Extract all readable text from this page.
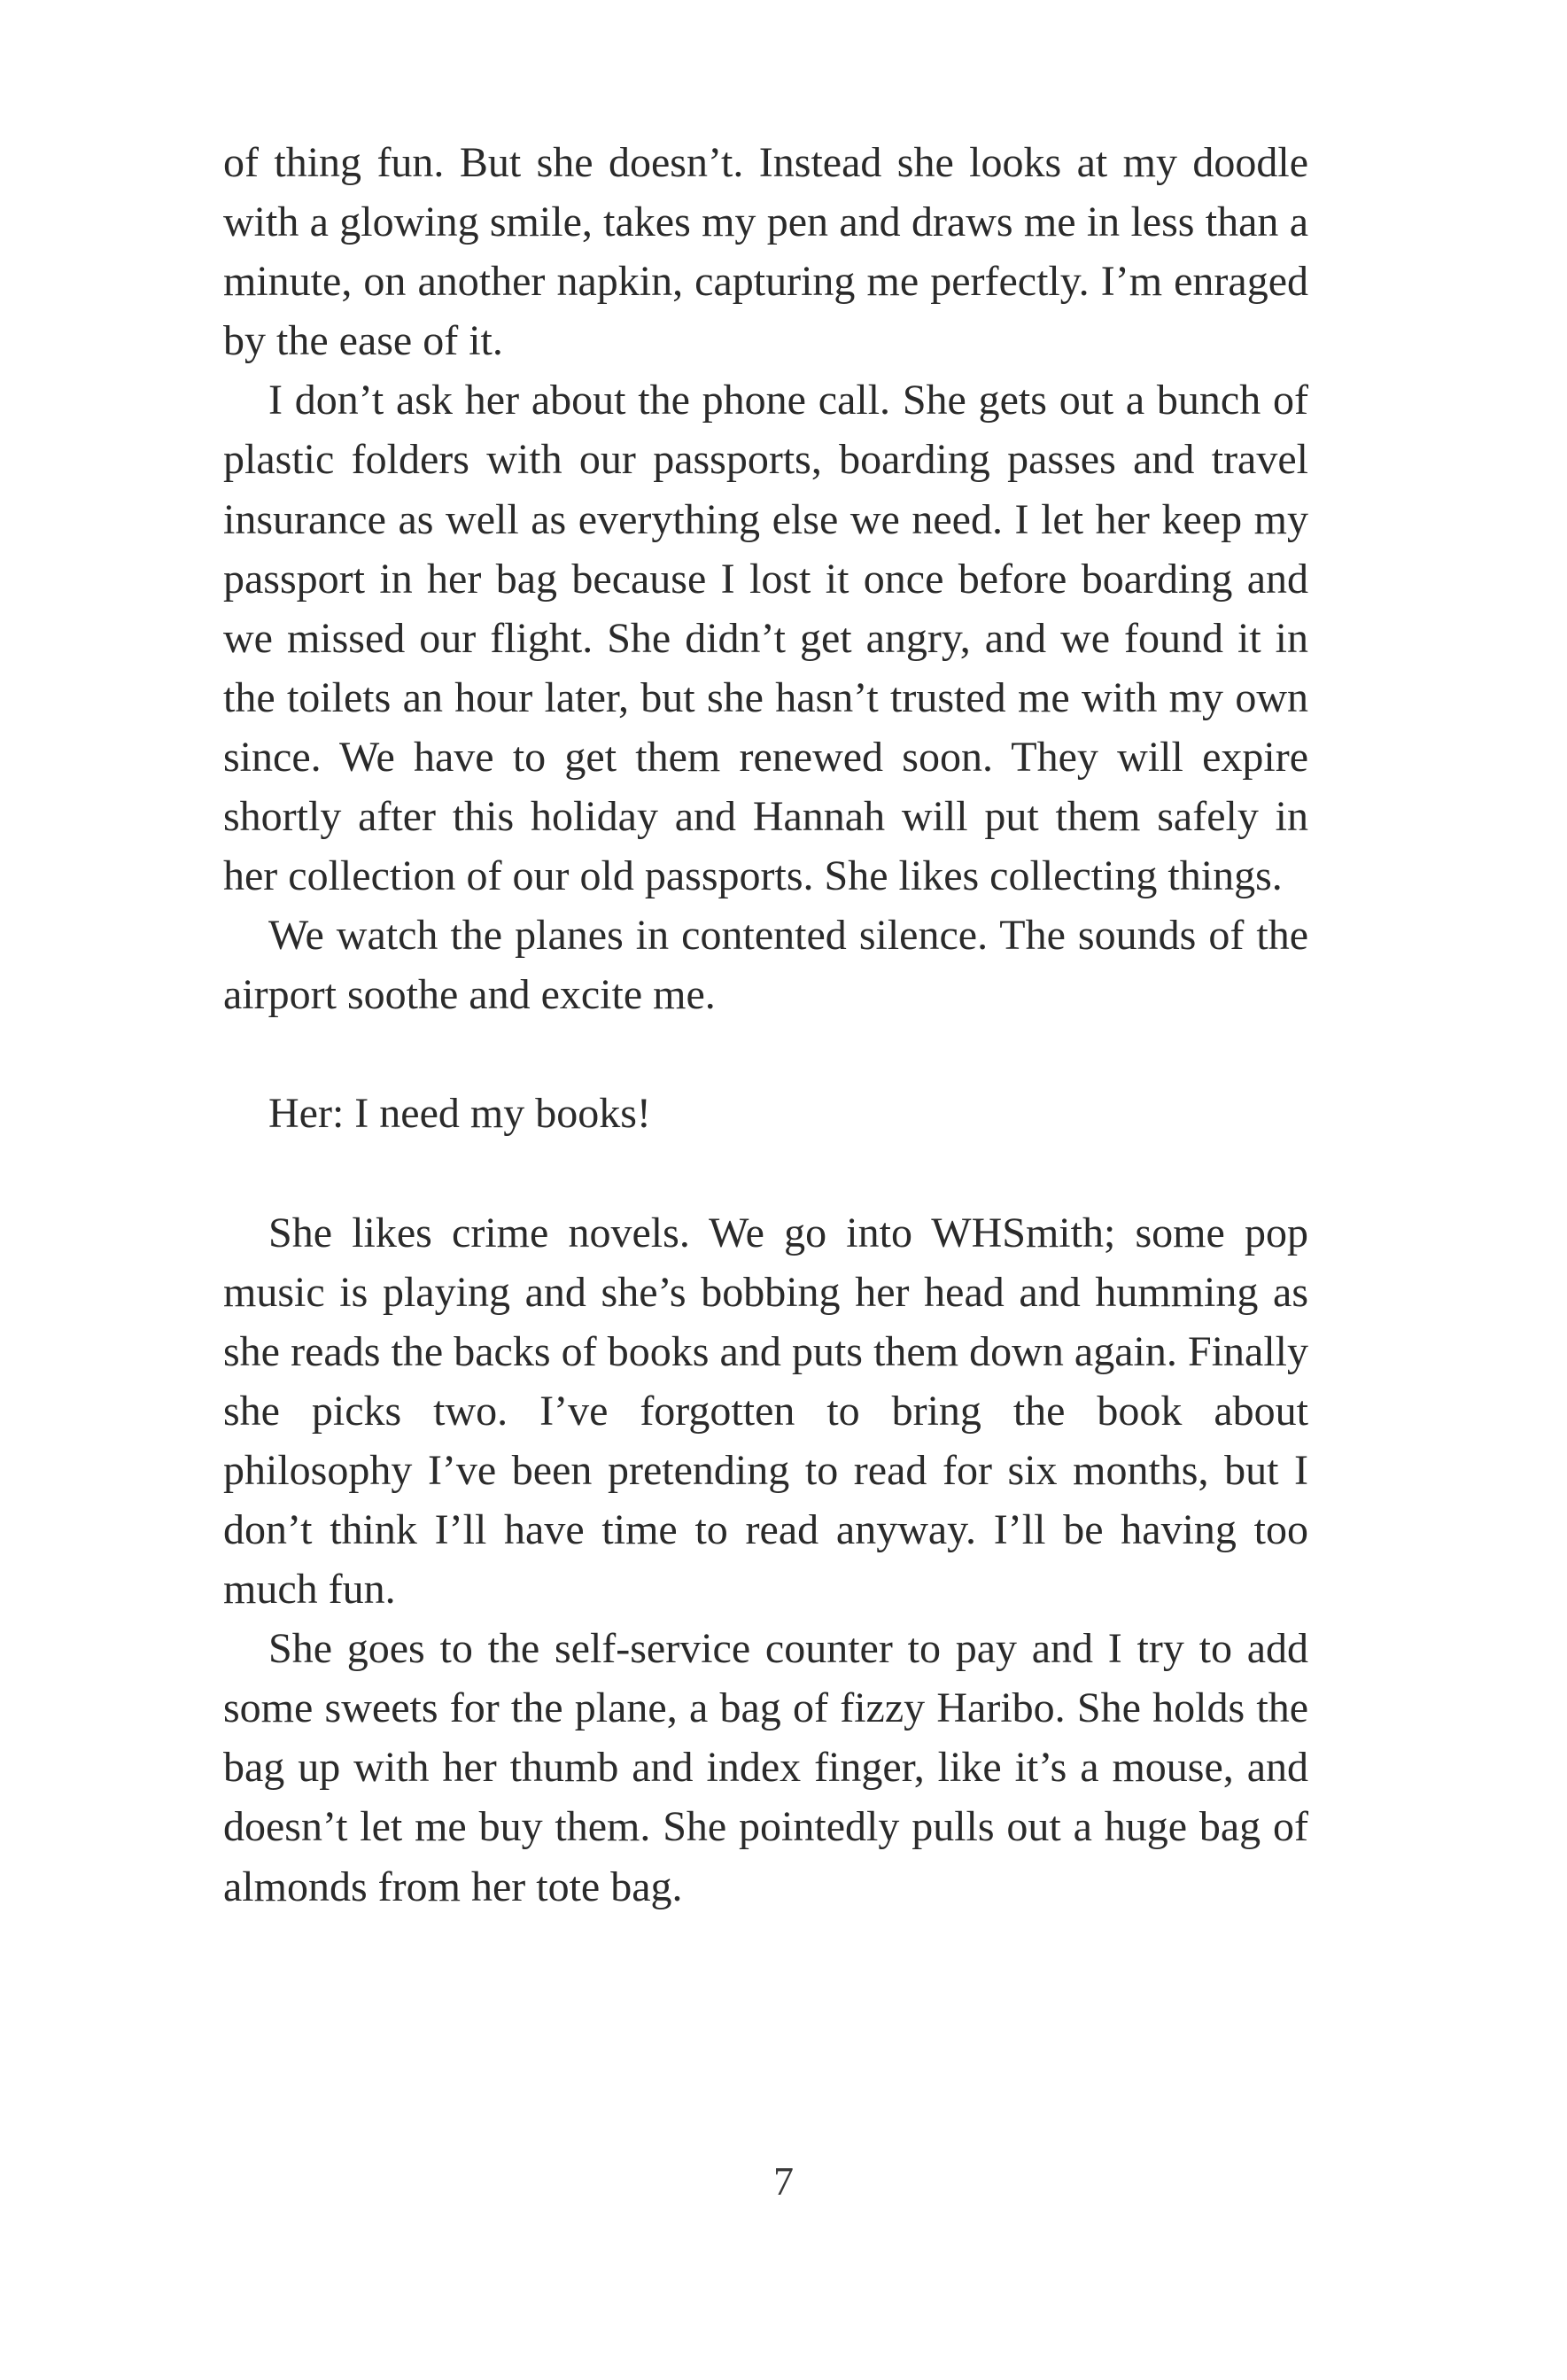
of thing fun. But she doesn’t. Instead she looks at my doodle with a glowing smile, takes my pen and draws me in less than a minute, on another napkin, capturing me perfectly. I’m enraged by the ease of it.

I don’t ask her about the phone call. She gets out a bunch of plastic folders with our passports, boarding passes and travel insurance as well as everything else we need. I let her keep my passport in her bag because I lost it once before boarding and we missed our flight. She didn’t get angry, and we found it in the toilets an hour later, but she hasn’t trusted me with my own since. We have to get them renewed soon. They will expire shortly after this holiday and Hannah will put them safely in her collection of our old passports. She likes collecting things.

We watch the planes in contented silence. The sounds of the airport soothe and excite me.

Her: I need my books!

She likes crime novels. We go into WHSmith; some pop music is playing and she’s bobbing her head and humming as she reads the backs of books and puts them down again. Finally she picks two. I’ve forgotten to bring the book about philosophy I’ve been pretending to read for six months, but I don’t think I’ll have time to read anyway. I’ll be having too much fun.

She goes to the self-service counter to pay and I try to add some sweets for the plane, a bag of fizzy Haribo. She holds the bag up with her thumb and index finger, like it’s a mouse, and doesn’t let me buy them. She pointedly pulls out a huge bag of almonds from her tote bag.

7
